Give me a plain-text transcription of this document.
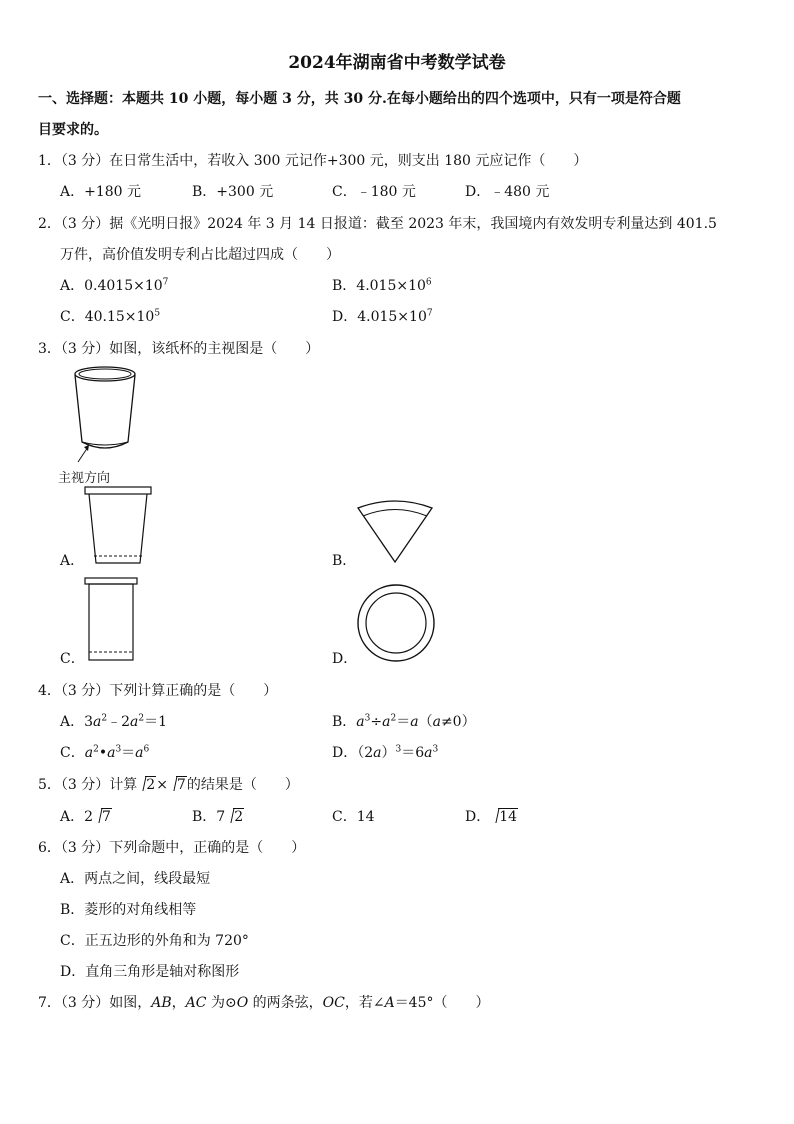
2024年湖南省中考数学试卷
一、选择题：本题共 10 小题，每小题 3 分，共 30 分.在每小题给出的四个选项中，只有一项是符合题
目要求的。
1．（3 分）在日常生活中，若收入 300 元记作+300 元，则支出 180 元应记作（　　）
A．+180 元	B．+300 元	C．﹣180 元	D．﹣480 元
2．（3 分）据《光明日报》2024 年 3 月 14 日报道：截至 2023 年末，我国境内有效发明专利量达到 401.5
万件，高价值发明专利占比超过四成（　　）
A．$0.4015\times 10^7$	B．$4.015\times 10^6$
C．$40.15\times 10^5$	D．$4.015\times 10^7$
3．（3 分）如图，该纸杯的主视图是（　　）
主视方向
A．	B．
C．	D．
4．（3 分）下列计算正确的是（　　）
A．$3a^2﹣2a^2=1$	B．$a^3\div a^2=a(a\ne 0)$
C．$a^2•a^3=a^6$	D．$(2a)^3=6a^3$
5．（3 分）计算 2× 7的结果是（　　）
A．2 7	B．7 2	C．14	D． 14
6．（3 分）下列命题中，正确的是（　　）
A．两点之间，线段最短
B．菱形的对角线相等
C．正五边形的外角和为 720°
D．直角三角形是轴对称图形
7．（3 分）如图，AB，AC 为⊙O 的两条弦，OC，若∠A＝45°（　　）
